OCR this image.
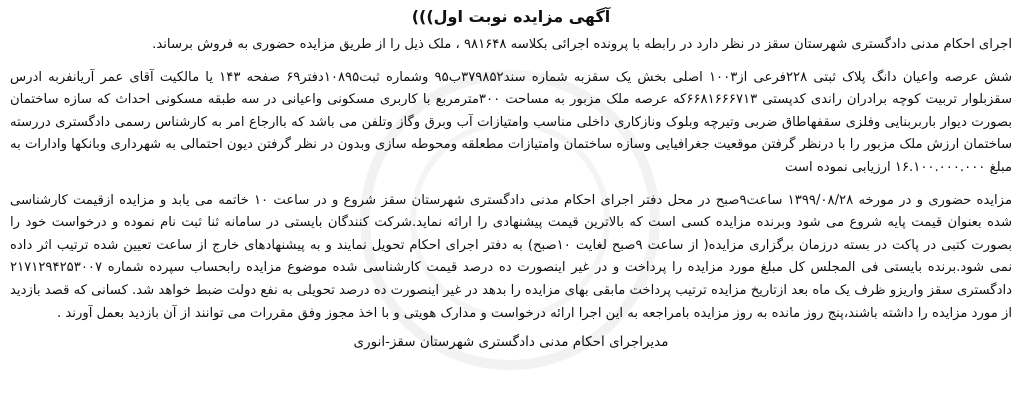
آگهی مزایده نوبت اول)))

اجرای احکام مدنی دادگستری شهرستان سقز در نظر دارد در رابطه با پرونده اجرائی بکلاسه ۹۸۱۶۴۸ ، ملک ذیل را از طریق مزایده حضوری به فروش برساند.

شش عرصه واعیان دانگ پلاک ثبتی ۲۲۸فرعی از۱۰۰۳ اصلی بخش یک سقزبه شماره سند۳۷۹۸۵۲ب۹۵ وشماره ثبت۱۰۸۹۵دفتر۶۹ صفحه ۱۴۳ یا مالکیت آقای عمر آریانفربه ادرس سقزبلوار تربیت کوچه برادران راندی کدپستی ۶۶۸۱۶۶۶۷۱۳که عرصه ملک مزبور به مساحت ۳۰۰مترمربع با کاربری مسکونی واعیانی در سه طبقه مسکونی احداث که سازه ساختمان بصورت دیوار باربربنایی وفلزی سقفهاطاق ضربی وتیرچه وبلوک ونازکاری داخلی مناسب وامتیازات آب وبرق وگاز وتلفن می باشد که باارجاع امر به کارشناس رسمی دادگستری دررسته ساختمان ارزش ملک مزبور را با درنظر گرفتن موقعیت جغرافیایی وسازه ساختمان وامتیازات مطعلقه ومحوطه سازی وبدون در نظر گرفتن دیون احتمالی به شهرداری وبانکها وادارات به مبلغ ۱۶.۱۰۰.۰۰۰.۰۰۰ ارزیابی نموده است

مزایده حضوری و در مورخه ۱۳۹۹/۰۸/۲۸ ساعت۹صبح در محل دفتر اجرای احکام مدنی دادگستری شهرستان سقز شروع و در ساعت ۱۰ خاتمه می یابد و مزایده ازقیمت کارشناسی شده بعنوان قیمت پایه شروع می شود وبرنده مزایده کسی است که بالاترین قیمت پیشنهادی را ارائه نماید.شرکت کنندگان بایستی در سامانه ثنا ثبت نام نموده و درخواست خود را بصورت کتبی در پاکت در بسته درزمان برگزاری مزایده( از ساعت ۹صبح لغایت ۱۰صبح) به دفتر اجرای احکام تحویل نمایند و به پیشنهادهای خارج از ساعت تعیین شده ترتیب اثر داده نمی شود.برنده بایستی فی المجلس کل مبلغ مورد مزایده را پرداخت و در غیر اینصورت ده درصد قیمت کارشناسی شده موضوع مزایده رابحساب سپرده شماره ۲۱۷۱۲۹۴۲۵۳۰۰۷ دادگستری سقز واریزو ظرف یک ماه بعد ازتاریخ مزایده ترتیب پرداخت مابقی بهای مزایده را بدهد در غیر اینصورت ده درصد تحویلی به نفع دولت ضبط خواهد شد. کسانی که قصد بازدید از مورد مزایده را داشته باشند،پنج روز مانده به روز مزایده بامراجعه به این اجرا ارائه درخواست و مدارک هویتی و با اخذ مجوز وفق مقررات می توانند از آن بازدید بعمل آورند .

مدیراجرای احکام مدنی دادگستری شهرستان سقز-انوری
